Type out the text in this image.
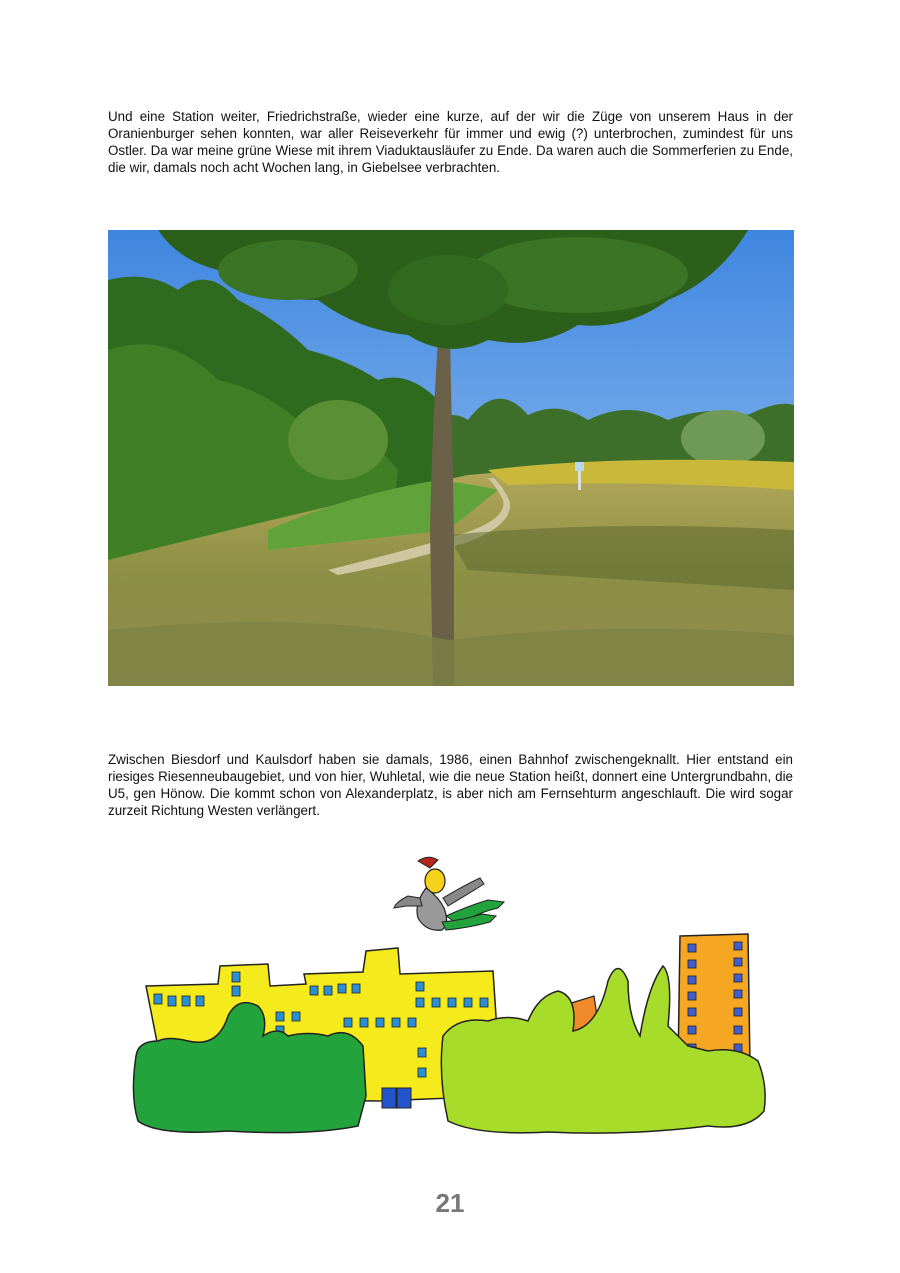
Und eine Station weiter, Friedrichstraße, wieder eine kurze, auf der wir die Züge von unserem Haus in der Oranienburger sehen konnten, war aller Reiseverkehr für immer und ewig (?) unterbrochen, zumindest für uns Ostler. Da war meine grüne Wiese mit ihrem Viaduktausläufer zu Ende. Da waren auch die Sommerferien zu Ende, die wir, damals noch acht Wochen lang, in Giebelsee verbrachten.

Zwischen Biesdorf und Kaulsdorf haben sie damals, 1986, einen Bahnhof zwischengeknallt. Hier entstand ein riesiges Riesenneubaugebiet, und von hier, Wuhletal, wie die neue Station heißt, donnert eine Untergrundbahn, die U5, gen Hönow. Die kommt schon von Alexanderplatz, is aber nich am Fernsehturm angeschlauft. Die wird sogar zurzeit Richtung Westen verlängert.

21
